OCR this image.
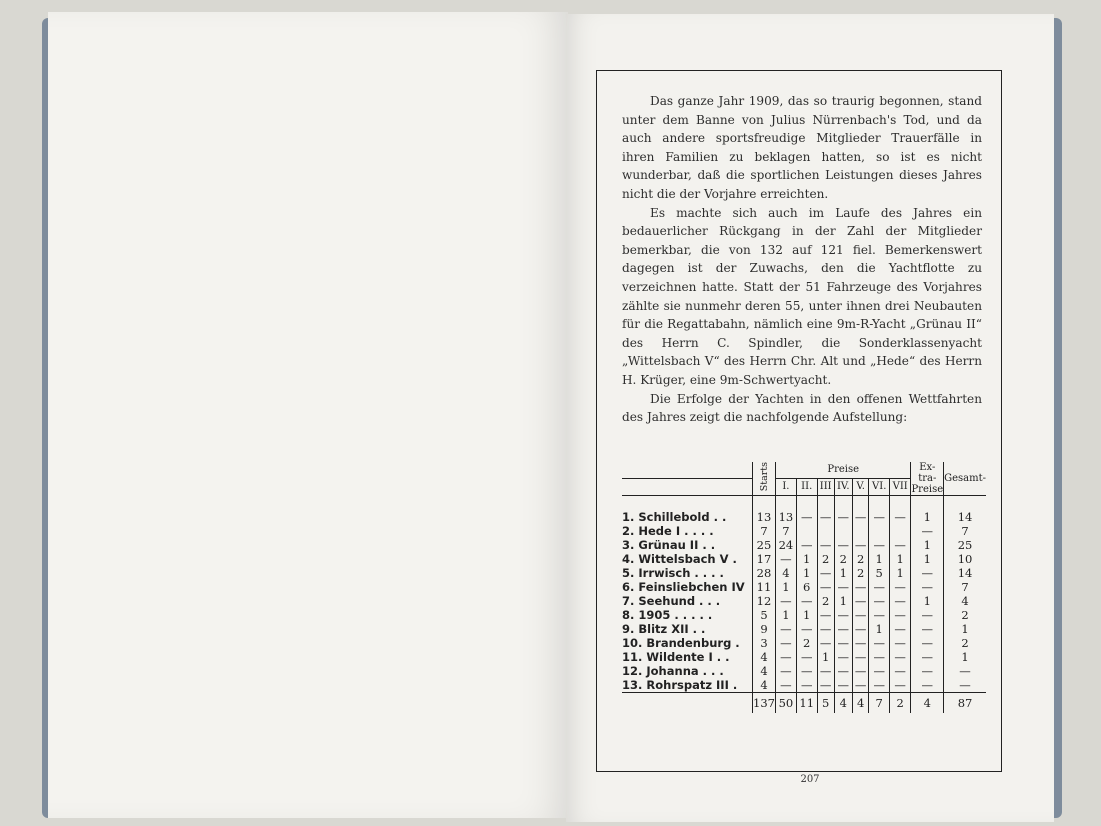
Das ganze Jahr 1909, das so traurig begonnen, stand unter dem Banne von Julius Nürrenbach's Tod, und da auch andere sportsfreudige Mitglieder Trauerfälle in ihren Familien zu beklagen hatten, so ist es nicht wunderbar, daß die sportlichen Leistungen dieses Jahres nicht die der Vorjahre erreichten.

Es machte sich auch im Laufe des Jahres ein bedauerlicher Rückgang in der Zahl der Mitglieder bemerkbar, die von 132 auf 121 fiel. Bemerkenswert dagegen ist der Zuwachs, den die Yachtflotte zu verzeichnen hatte. Statt der 51 Fahrzeuge des Vorjahres zählte sie nunmehr deren 55, unter ihnen drei Neubauten für die Regattabahn, nämlich eine 9m-R-Yacht „Grünau II“ des Herrn C. Spindler, die Sonderklassenyacht „Wittelsbach V“ des Herrn Chr. Alt und „Hede“ des Herrn H. Krüger, eine 9m-Schwertyacht.

Die Erfolge der Yachten in den offenen Wettfahrten des Jahres zeigt die nachfolgende Aufstellung:

	Starts	Preise							Ex-tra-Preise	Gesamt-
		I.	II.	III	IV.	V.	VI.	VII		

1. Schillebold . .	13	13	—	—	—	—	—	—	1	14
2. Hede I . . . .	7	7							—	7
3. Grünau II . .	25	24	—	—	—	—	—	—	1	25
4. Wittelsbach V .	17	—	1	2	2	2	1	1	1	10
5. Irrwisch . . . .	28	4	1	—	1	2	5	1	—	14
6. Feinsliebchen IV	11	1	6	—	—	—	—	—	—	7
7. Seehund . . .	12	—	—	2	1	—	—	—	1	4
8. 1905 . . . . .	5	1	1	—	—	—	—	—	—	2
9. Blitz XII . .	9	—	—	—	—	—	1	—	—	1
10. Brandenburg .	3	—	2	—	—	—	—	—	—	2
11. Wildente I . .	4	—	—	1	—	—	—	—	—	1
12. Johanna . . .	4	—	—	—	—	—	—	—	—	—
13. Rohrspatz III .	4	—	—	—	—	—	—	—	—	—
	137	50	11	5	4	4	7	2	4	87
207
